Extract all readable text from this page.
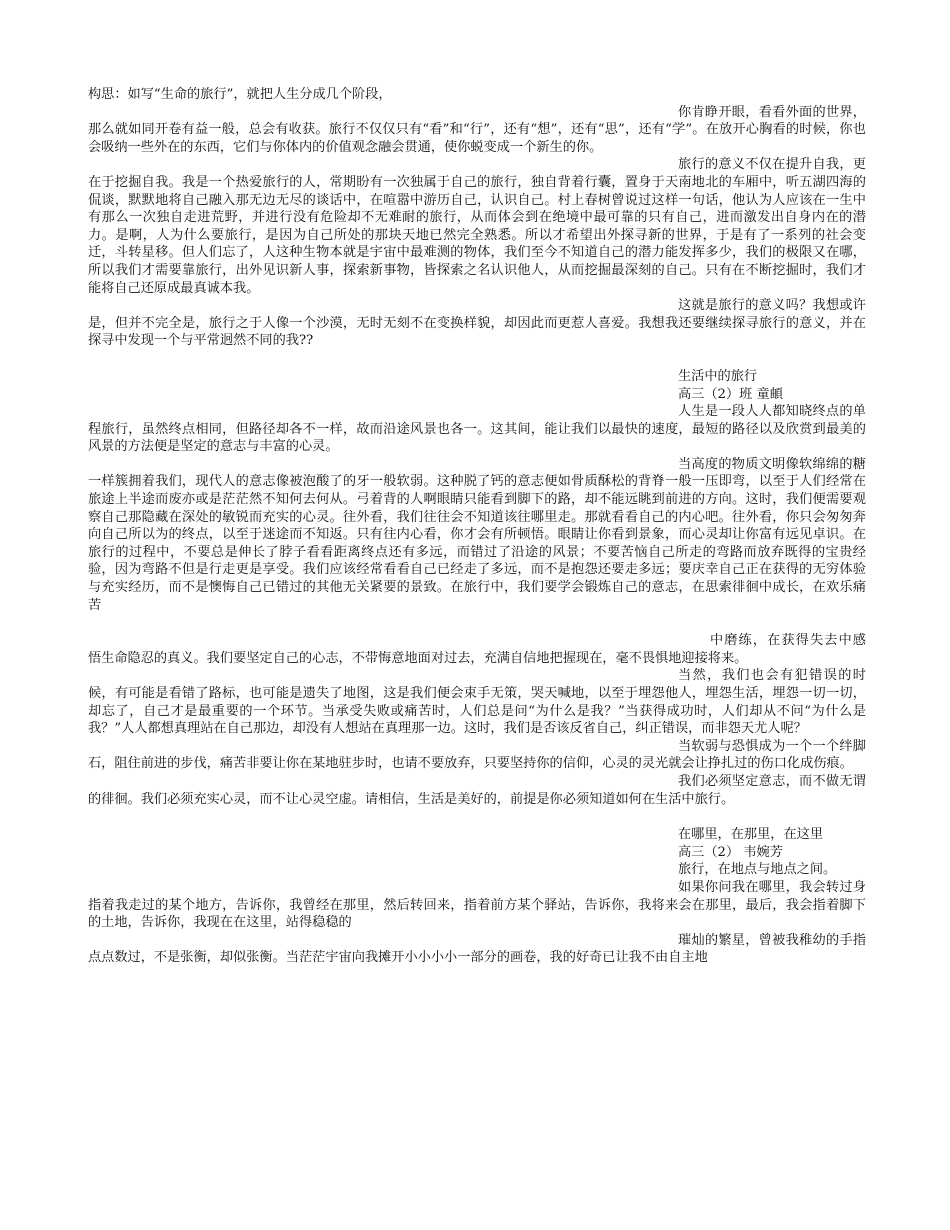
构思：如写“生命的旅行”，就把人生分成几个阶段，

你肯睁开眼，看看外面的世界，那么就如同开卷有益一般，总会有收获。旅行不仅仅只有“看”和“行”，还有“想”，还有“思”，还有“学”。在放开心胸看的时候，你也会吸纳一些外在的东西，它们与你体内的价值观念融会贯通，使你蜕变成一个新生的你。

旅行的意义不仅在提升自我，更在于挖掘自我。我是一个热爱旅行的人，常期盼有一次独属于自己的旅行，独自背着行囊，置身于天南地北的车厢中，听五湖四海的侃谈，默默地将自己融入那无边无尽的谈话中，在喧嚣中游历自己，认识自己。村上春树曾说过这样一句话，他认为人应该在一生中有那么一次独自走进荒野，并进行没有危险却不无难耐的旅行，从而体会到在绝境中最可靠的只有自己，进而激发出自身内在的潜力。是啊，人为什么要旅行，是因为自己所处的那块天地已然完全熟悉。所以才希望出外探寻新的世界，于是有了一系列的社会变迁，斗转星移。但人们忘了，人这种生物本就是宇宙中最难测的物体，我们至今不知道自己的潜力能发挥多少，我们的极限又在哪，所以我们才需要靠旅行，出外见识新人事，探索新事物，皆探索之名认识他人，从而挖掘最深刻的自己。只有在不断挖掘时，我们才能将自己还原成最真诚本我。

这就是旅行的意义吗？我想或许是，但并不完全是，旅行之于人像一个沙漠，无时无刻不在变换样貌，却因此而更惹人喜爱。我想我还要继续探寻旅行的意义，并在探寻中发现一个与平常迥然不同的我??

生活中的旅行

高三（2）班 童頔

人生是一段人人都知晓终点的单程旅行，虽然终点相同，但路径却各不一样，故而沿途风景也各一。这其间，能让我们以最快的速度，最短的路径以及欣赏到最美的风景的方法便是坚定的意志与丰富的心灵。

当高度的物质文明像软绵绵的糖一样簇拥着我们，现代人的意志像被泡酸了的牙一般软弱。这种脱了钙的意志便如骨质酥松的背脊一般一压即弯，以至于人们经常在旅途上半途而废亦或是茫茫然不知何去何从。弓着背的人啊眼睛只能看到脚下的路，却不能远眺到前进的方向。这时，我们便需要观察自己那隐藏在深处的敏锐而充实的心灵。往外看，我们往往会不知道该往哪里走。那就看看自己的内心吧。往外看，你只会匆匆奔向自己所以为的终点，以至于迷途而不知返。只有往内心看，你才会有所顿悟。眼睛让你看到景象，而心灵却让你富有远见卓识。在旅行的过程中，不要总是伸长了脖子看看距离终点还有多远，而错过了沿途的风景；不要苦恼自己所走的弯路而放弃既得的宝贵经验，因为弯路不但是行走更是享受。我们应该经常看看自己已经走了多远，而不是抱怨还要走多远；要庆幸自己正在获得的无穷体验与充实经历，而不是懊悔自己已错过的其他无关紧要的景致。在旅行中，我们要学会锻炼自己的意志，在思索徘徊中成长，在欢乐痛苦

中磨练，在获得失去中感悟生命隐忍的真义。我们要坚定自己的心志，不带悔意地面对过去，充满自信地把握现在，毫不畏惧地迎接将来。

当然，我们也会有犯错误的时候，有可能是看错了路标，也可能是遗失了地图，这是我们便会束手无策，哭天喊地，以至于埋怨他人，埋怨生活，埋怨一切一切，却忘了，自己才是最重要的一个环节。当承受失败或痛苦时，人们总是问“为什么是我？”当获得成功时，人们却从不问“为什么是我？”人人都想真理站在自己那边，却没有人想站在真理那一边。这时，我们是否该反省自己，纠正错误，而非怨天尤人呢？

当软弱与恐惧成为一个一个绊脚石，阻住前进的步伐，痛苦非要让你在某地驻步时，也请不要放弃，只要坚持你的信仰，心灵的灵光就会让挣扎过的伤口化成伤痕。

我们必须坚定意志，而不做无谓的徘徊。我们必须充实心灵，而不让心灵空虚。请相信，生活是美好的，前提是你必须知道如何在生活中旅行。

在哪里，在那里，在这里

高三（2） 韦婉芳

旅行，在地点与地点之间。

如果你问我在哪里，我会转过身指着我走过的某个地方，告诉你，我曾经在那里，然后转回来，指着前方某个驿站，告诉你，我将来会在那里，最后，我会指着脚下的土地，告诉你，我现在在这里，站得稳稳的

璀灿的繁星，曾被我稚幼的手指点点数过，不是张衡，却似张衡。当茫茫宇宙向我摊开小小小小一部分的画卷，我的好奇已让我不由自主地
